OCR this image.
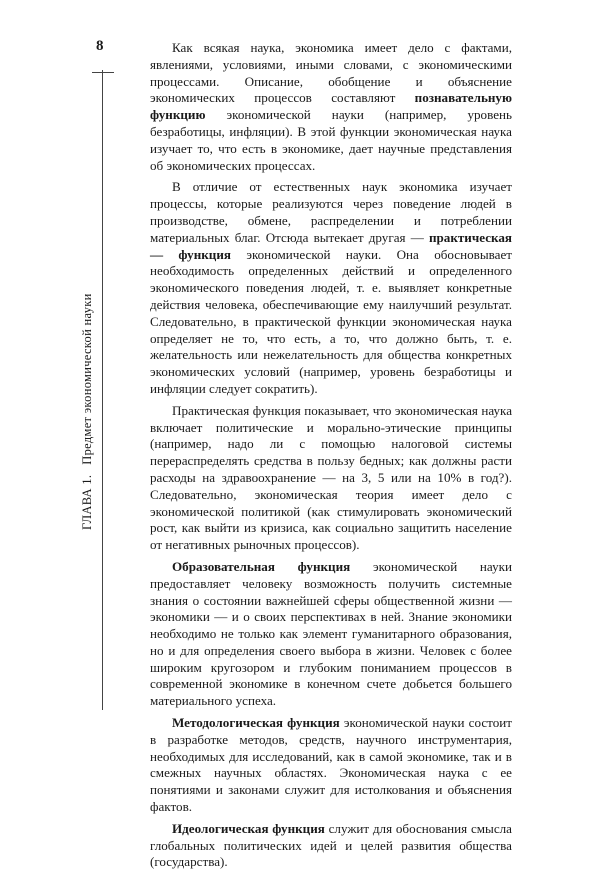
8
ГЛАВА 1.Предмет экономической науки

Как всякая наука, экономика имеет дело с фактами, явлениями, условиями, иными словами, с экономическими процессами. Описание, обобщение и объяснение экономических процессов составляют познавательную функцию экономической науки (например, уровень безработицы, инфляции). В этой функции экономическая наука изучает то, что есть в экономике, дает научные представления об экономических процессах.

В отличие от естественных наук экономика изучает процессы, которые реализуются через поведение людей в производстве, обмене, распределении и потреблении материальных благ. Отсюда вытекает другая — практическая — функция экономической науки. Она обосновывает необходимость определенных действий и определенного экономического поведения людей, т. е. выявляет конкретные действия человека, обеспечивающие ему наилучший результат. Следовательно, в практической функции экономическая наука определяет не то, что есть, а то, что должно быть, т. е. желательность или нежелательность для общества конкретных экономических условий (например, уровень безработицы и инфляции следует сократить).

Практическая функция показывает, что экономическая наука включает политические и морально-этические принципы (например, надо ли с помощью налоговой системы перераспределять средства в пользу бедных; как должны расти расходы на здравоохранение — на 3, 5 или на 10% в год?). Следовательно, экономическая теория имеет дело с экономической политикой (как стимулировать экономический рост, как выйти из кризиса, как социально защитить население от негативных рыночных процессов).

Образовательная функция экономической науки предоставляет человеку возможность получить системные знания о состоянии важнейшей сферы общественной жизни — экономики — и о своих перспективах в ней. Знание экономики необходимо не только как элемент гуманитарного образования, но и для определения своего выбора в жизни. Человек с более широким кругозором и глубоким пониманием процессов в современной экономике в конечном счете добьется большего материального успеха.

Методологическая функция экономической науки состоит в разработке методов, средств, научного инструментария, необходимых для исследований, как в самой экономике, так и в смежных научных областях. Экономическая наука с ее понятиями и законами служит для истолкования и объяснения фактов.

Идеологическая функция служит для обоснования смысла глобальных политических идей и целей развития общества (государства).
